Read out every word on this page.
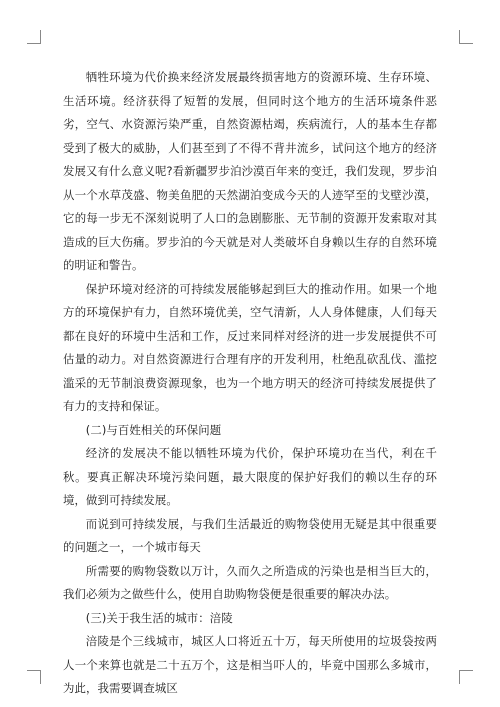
牺牲环境为代价换来经济发展最终损害地方的资源环境、生存环境、生活环境。经济获得了短暂的发展，但同时这个地方的生活环境条件恶劣，空气、水资源污染严重，自然资源枯竭，疾病流行，人的基本生存都受到了极大的威胁，人们甚至到了不得不背井流乡，试问这个地方的经济发展又有什么意义呢?看新疆罗步泊沙漠百年来的变迁，我们发现，罗步泊从一个水草茂盛、物美鱼肥的天然湖泊变成今天的人迹罕至的戈壁沙漠，它的每一步无不深刻说明了人口的急剧膨胀、无节制的资源开发索取对其造成的巨大伤痛。罗步泊的今天就是对人类破坏自身赖以生存的自然环境的明证和警告。

保护环境对经济的可持续发展能够起到巨大的推动作用。如果一个地方的环境保护有力，自然环境优美，空气清新，人人身体健康，人们每天都在良好的环境中生活和工作，反过来同样对经济的进一步发展提供不可估量的动力。对自然资源进行合理有序的开发利用，杜绝乱砍乱伐、滥挖滥采的无节制浪费资源现象，也为一个地方明天的经济可持续发展提供了有力的支持和保证。

(二)与百姓相关的环保问题

经济的发展决不能以牺牲环境为代价，保护环境功在当代，利在千秋。要真正解决环境污染问题，最大限度的保护好我们的赖以生存的环境，做到可持续发展。

而说到可持续发展，与我们生活最近的购物袋使用无疑是其中很重要的问题之一，一个城市每天

所需要的购物袋数以万计，久而久之所造成的污染也是相当巨大的，我们必须为之做些什么，使用自助购物袋便是很重要的解决办法。

(三)关于我生活的城市：涪陵

涪陵是个三线城市，城区人口将近五十万，每天所使用的垃圾袋按两人一个来算也就是二十五万个，这是相当吓人的，毕竟中国那么多城市，为此，我需要调查城区
